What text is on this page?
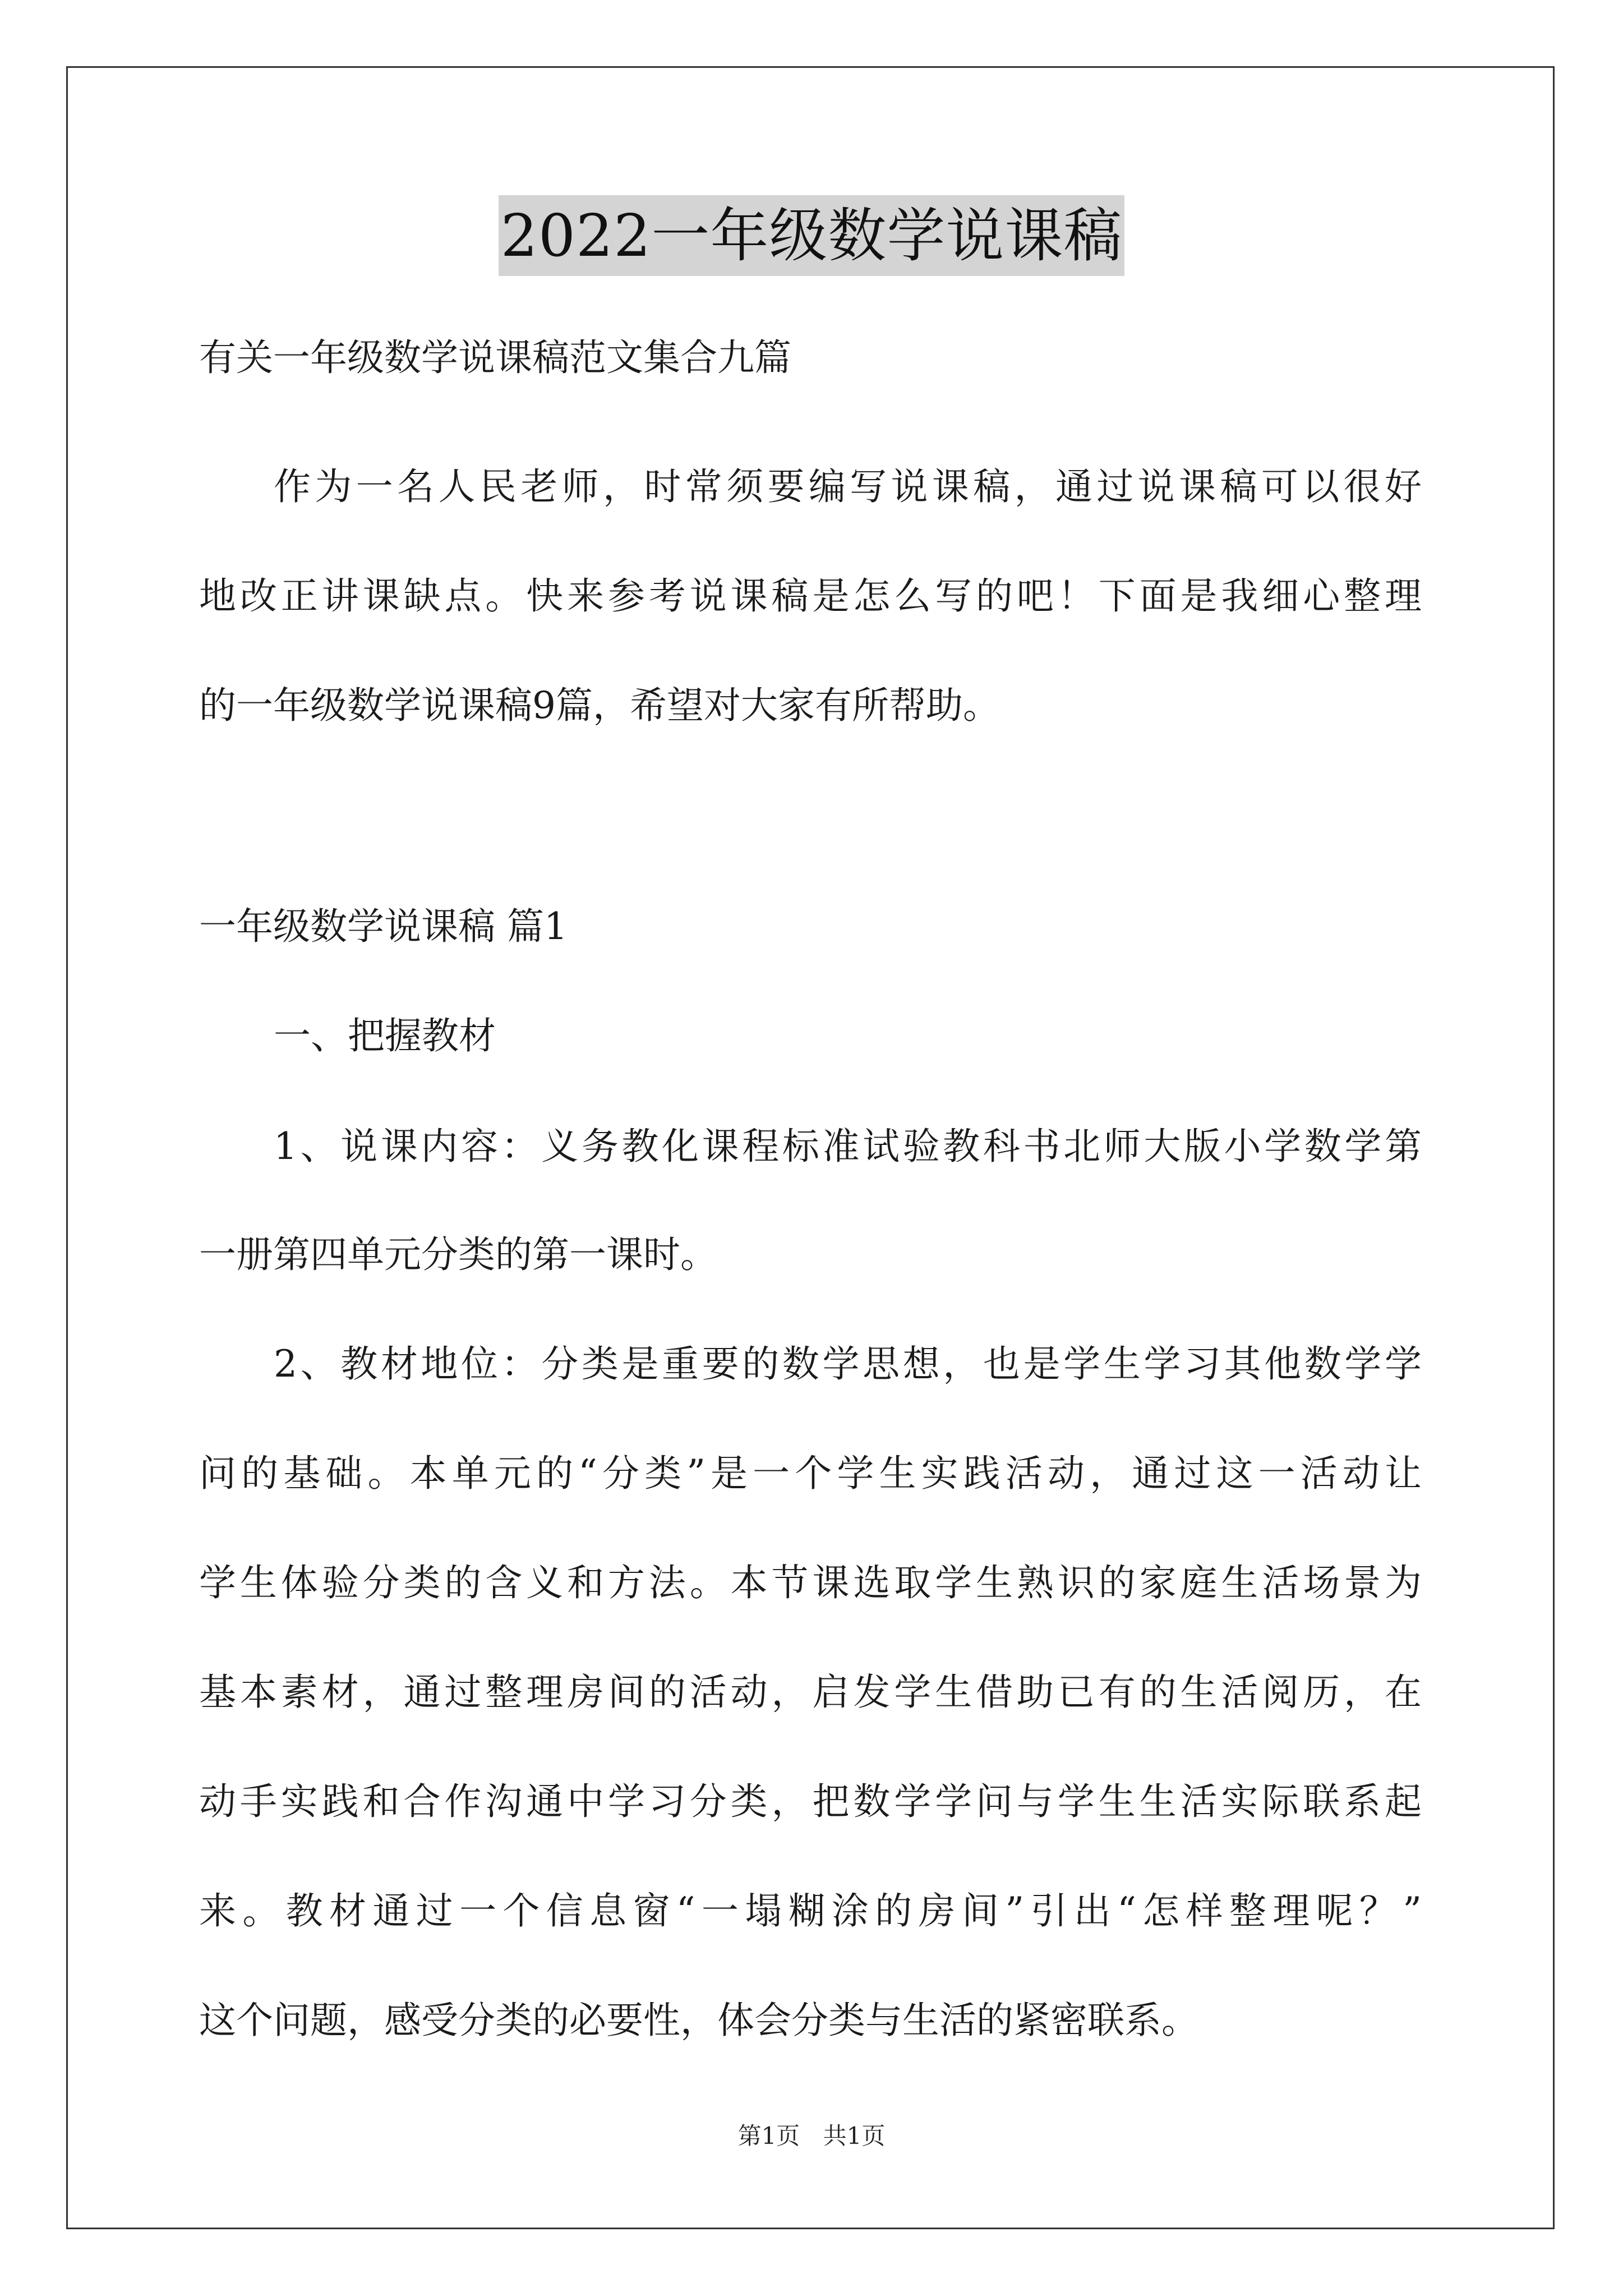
2022一年级数学说课稿
有关一年级数学说课稿范文集合九篇
作为一名人民老师，时常须要编写说课稿，通过说课稿可以很好
地改正讲课缺点。快来参考说课稿是怎么写的吧！下面是我细心整理
的一年级数学说课稿9篇，希望对大家有所帮助。
一年级数学说课稿 篇1
一、把握教材
1、说课内容：义务教化课程标准试验教科书北师大版小学数学第
一册第四单元分类的第一课时。
2、教材地位：分类是重要的数学思想，也是学生学习其他数学学
问的基础。本单元的“分类”是一个学生实践活动，通过这一活动让
学生体验分类的含义和方法。本节课选取学生熟识的家庭生活场景为
基本素材，通过整理房间的活动，启发学生借助已有的生活阅历，在
动手实践和合作沟通中学习分类，把数学学问与学生生活实际联系起
来。教材通过一个信息窗“一塌糊涂的房间”引出“怎样整理呢？”
这个问题，感受分类的必要性，体会分类与生活的紧密联系。
第1页 共1页
